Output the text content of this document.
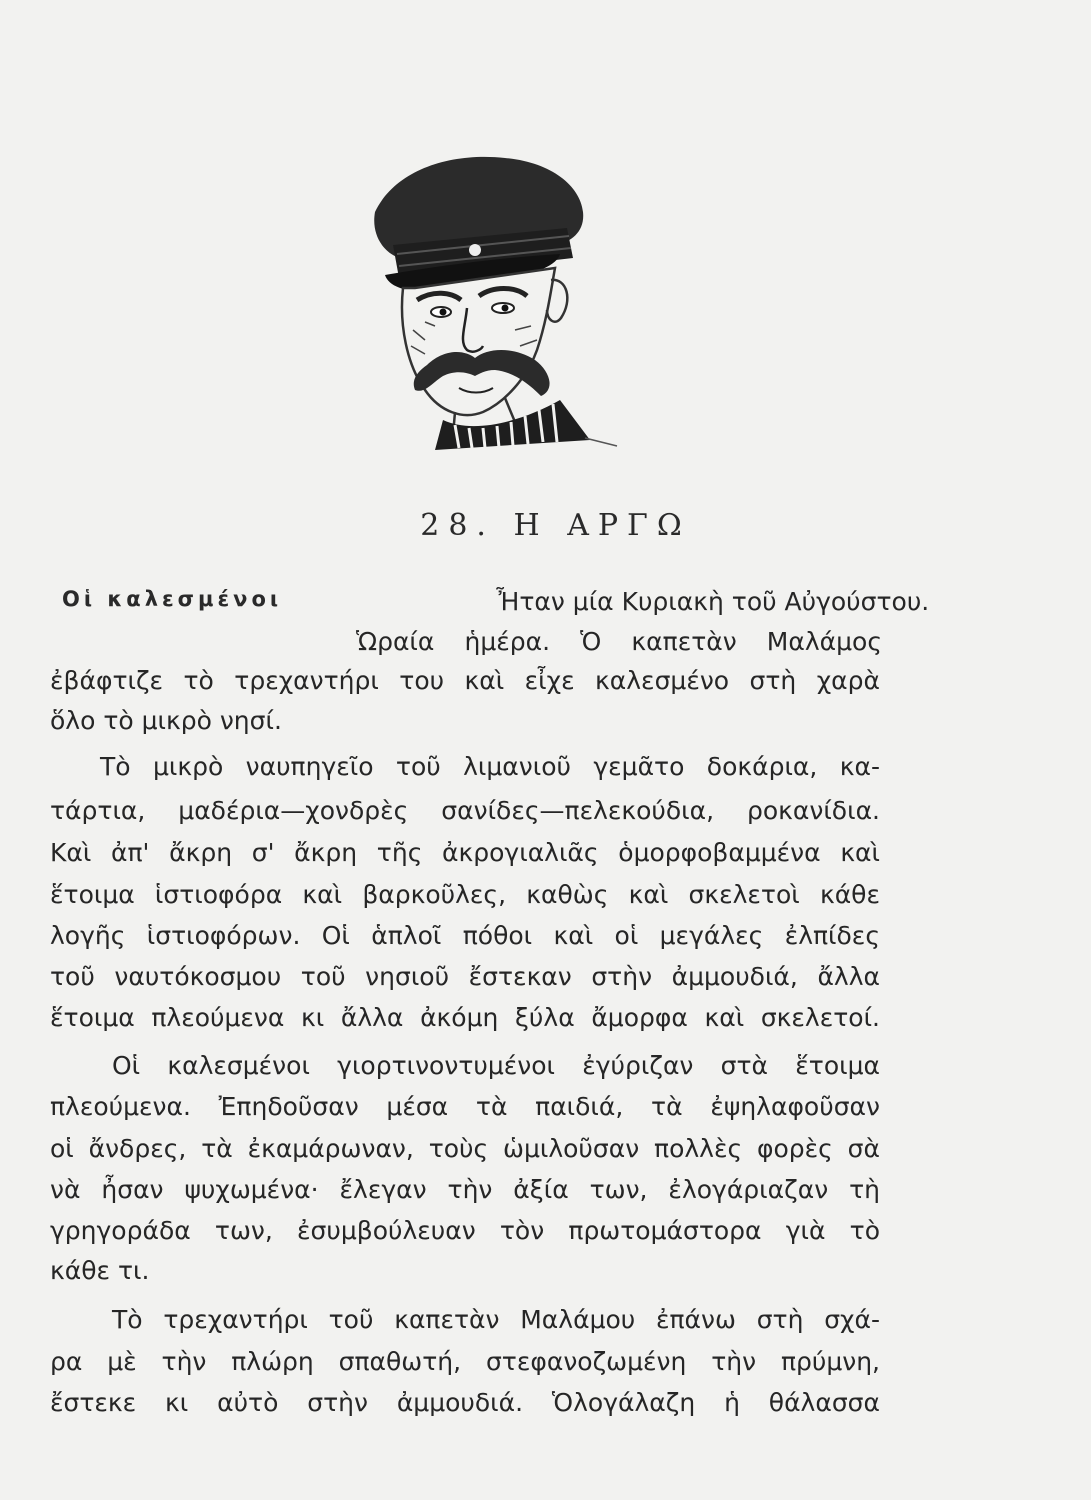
28. Η ΑΡΓΩ
Οἱ καλεσμένοι	Ἦταν μία Κυριακὴ τοῦ Αὐγούστου.
Ὡραία ἡμέρα. Ὁ καπετὰν Μαλάμος
ἐβάφτιζε τὸ τρεχαντήρι του καὶ εἶχε καλεσμένο στὴ χαρὰ
ὅλο τὸ μικρὸ νησί.
Τὸ μικρὸ ναυπηγεῖο τοῦ λιμανιοῦ γεμᾶτο δοκάρια, κα-
τάρτια, μαδέρια—χονδρὲς σανίδες—πελεκούδια, ροκανίδια.
Καὶ ἀπ' ἄκρη σ' ἄκρη τῆς ἀκρογιαλιᾶς ὁμορφοβαμμένα καὶ
ἕτοιμα ἱστιοφόρα καὶ βαρκοῦλες, καθὼς καὶ σκελετοὶ κάθε
λογῆς ἱστιοφόρων. Οἱ ἁπλοῖ πόθοι καὶ οἱ μεγάλες ἐλπίδες
τοῦ ναυτόκοσμου τοῦ νησιοῦ ἔστεκαν στὴν ἀμμουδιά, ἄλλα
ἕτοιμα πλεούμενα κι ἄλλα ἀκόμη ξύλα ἄμορφα καὶ σκελετοί.
Οἱ καλεσμένοι γιορτινοντυμένοι ἐγύριζαν στὰ ἕτοιμα
πλεούμενα. Ἐπηδοῦσαν μέσα τὰ παιδιά, τὰ ἐψηλαφοῦσαν
οἱ ἄνδρες, τὰ ἐκαμάρωναν, τοὺς ὡμιλοῦσαν πολλὲς φορὲς σὰ
νὰ ἦσαν ψυχωμένα· ἔλεγαν τὴν ἀξία των, ἐλογάριαζαν τὴ
γρηγοράδα των, ἐσυμβούλευαν τὸν πρωτομάστορα γιὰ τὸ
κάθε τι.
Τὸ τρεχαντήρι τοῦ καπετὰν Μαλάμου ἐπάνω στὴ σχά-
ρα μὲ τὴν πλώρη σπαθωτή, στεφανοζωμένη τὴν πρύμνη,
ἔστεκε κι αὐτὸ στὴν ἀμμουδιά. Ὁλογάλαζη ἡ θάλασσα
